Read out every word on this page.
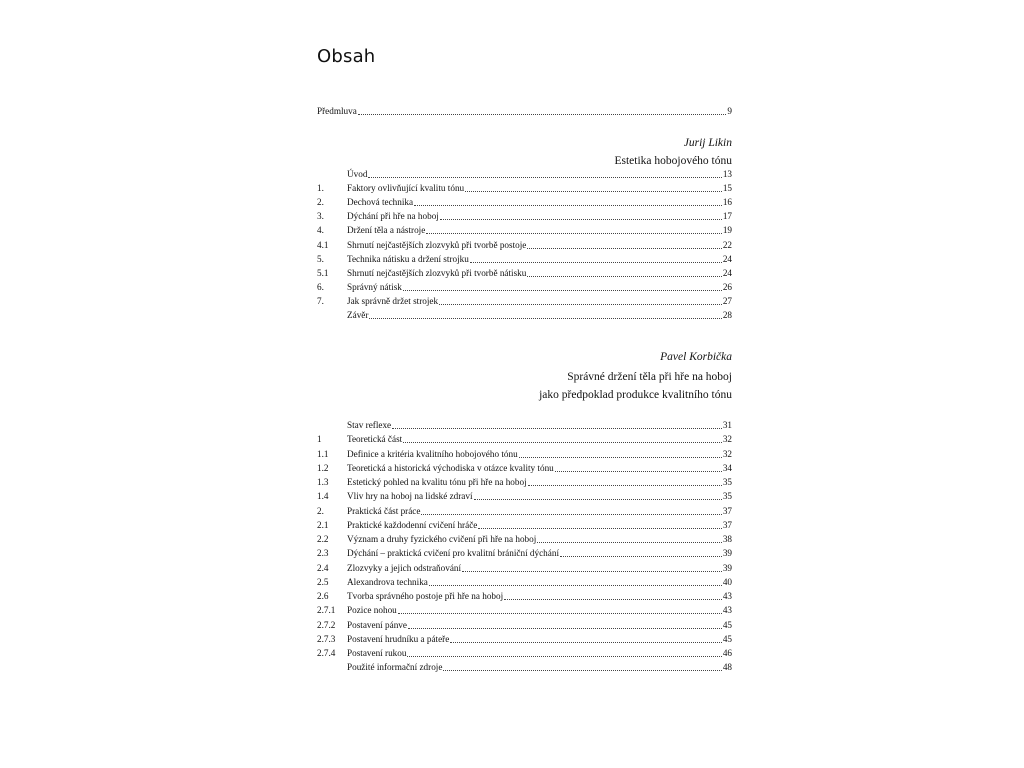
Obsah
Předmluva	9
Jurij Likin
Estetika hobojového tónu
Úvod	13
1.	Faktory ovlivňující kvalitu tónu	15
2.	Dechová technika	16
3.	Dýchání při hře na hoboj	17
4.	Držení těla a nástroje	19
4.1	Shrnutí nejčastějších zlozvyků při tvorbě postoje	22
5.	Technika nátisku a držení strojku	24
5.1	Shrnutí nejčastějších zlozvyků při tvorbě nátisku	24
6.	Správný nátisk	26
7.	Jak správně držet strojek	27
Závěr	28
Pavel Korbička
Správné držení těla při hře na hoboj
jako předpoklad produkce kvalitního tónu
Stav reflexe	31
1	Teoretická část	32
1.1	Definice a kritéria kvalitního hobojového tónu	32
1.2	Teoretická a historická východiska v otázce kvality tónu	34
1.3	Estetický pohled na kvalitu tónu při hře na hoboj	35
1.4	Vliv hry na hoboj na lidské zdraví	35
2.	Praktická část práce	37
2.1	Praktické každodenní cvičení hráče	37
2.2	Význam a druhy fyzického cvičení při hře na hoboj	38
2.3	Dýchání – praktická cvičení pro kvalitní brániční dýchání	39
2.4	Zlozvyky a jejich odstraňování	39
2.5	Alexandrova technika	40
2.6	Tvorba správného postoje při hře na hoboj	43
2.7.1	Pozice nohou	43
2.7.2	Postavení pánve	45
2.7.3	Postavení hrudníku a páteře	45
2.7.4	Postavení rukou	46
Použité informační zdroje	48
